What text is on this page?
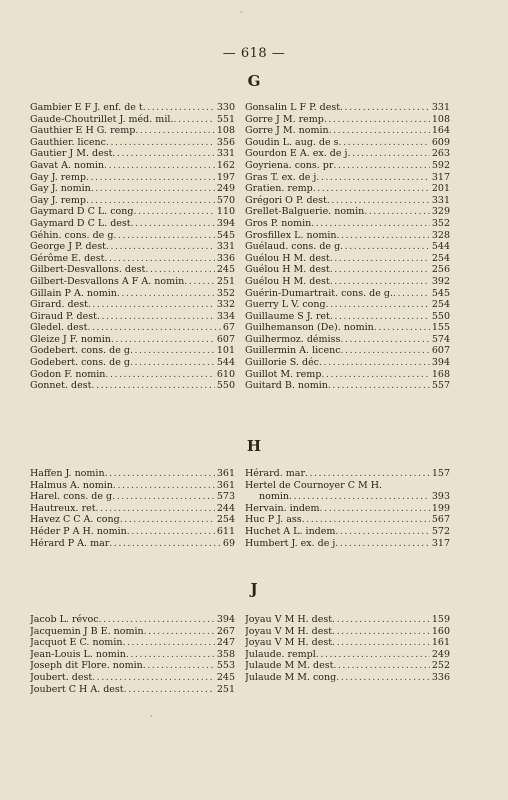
·
— 618 —
G
Gambier E F J. enf. de t .....	330
Gaude-Choutrillet J. méd. mil. .....	551
Gauthier E H G. remp .....	108
Gauthier. licenc .....	356
Gautier J M. dest .....	331
Gavat A. nomin .....	162
Gay J. remp .....	197
Gay J. nomin .....	249
Gay J. remp .....	570
Gaymard D C L. cong .....	110
Gaymard D C L. dest .....	394
Géhin. cons. de g .....	545
George J P. dest .....	331
Gérôme E. dest .....	336
Gilbert-Desvallons. dest .....	245
Gilbert-Desvallons A F A. nomin .....	251
Gillain P A. nomin .....	352
Girard. dest .....	332
Giraud P. dest .....	334
Gledel. dest .....	67
Gleize J F. nomin .....	607
Godebert. cons. de g .....	101
Godebert. cons. de g .....	544
Godon F. nomin .....	610
Gonnet. dest .....	550
Gonsalin L F P. dest .....	331
Gorre J M. remp .....	108
Gorre J M. nomin .....	164
Goudin L. aug. de s .....	609
Gourdon E A. ex. de j .....	263
Goyriena. cons. pr .....	592
Gras T. ex. de j .....	317
Gratien. remp .....	201
Grégori O P. dest .....	331
Grellet-Balguerie. nomin .....	329
Gros P. nomin .....	352
Grosfillex L. nomin .....	328
Guélaud. cons. de g .....	544
Guélou H M. dest .....	254
Guélou H M. dest .....	256
Guélou H M. dest .....	392
Guérin-Dumartrait. cons. de g. .....	545
Guerry L V. cong .....	254
Guillaume S J. ret .....	550
Guilhemanson (De). nomin .....	155
Guilhermoz. démiss .....	574
Guillermin A. licenc .....	607
Guillorie S. déc .....	394
Guillot M. remp .....	168
Guitard B. nomin .....	557
H
Haffen J. nomin .....	361
Halmus A. nomin .....	361
Harel. cons. de g .....	573
Hautreux. ret .....	244
Havez C C A. cong .....	254
Héder P A H. nomin .....	611
Hérard P A. mar .....	69
Hérard. mar .....	157
Hertel de Cournoyer C M H.
nomin .....	393
Hervain. indem .....	199
Huc P J. ass .....	567
Huchet A L. indem .....	572
Humbert J. ex. de j .....	317
J
Jacob L. révoc .....	394
Jacquemin J B E. nomin .....	267
Jacquot E C. nomin .....	247
Jean-Louis L. nomin .....	358
Joseph dit Flore. nomin .....	553
Joubert. dest .....	245
Joubert C H A. dest .....	251
Joyau V M H. dest .....	159
Joyau V M H. dest .....	160
Joyau V M H. dest .....	161
Julaude. rempl .....	249
Julaude M M. dest .....	252
Julaude M M. cong .....	336
·
